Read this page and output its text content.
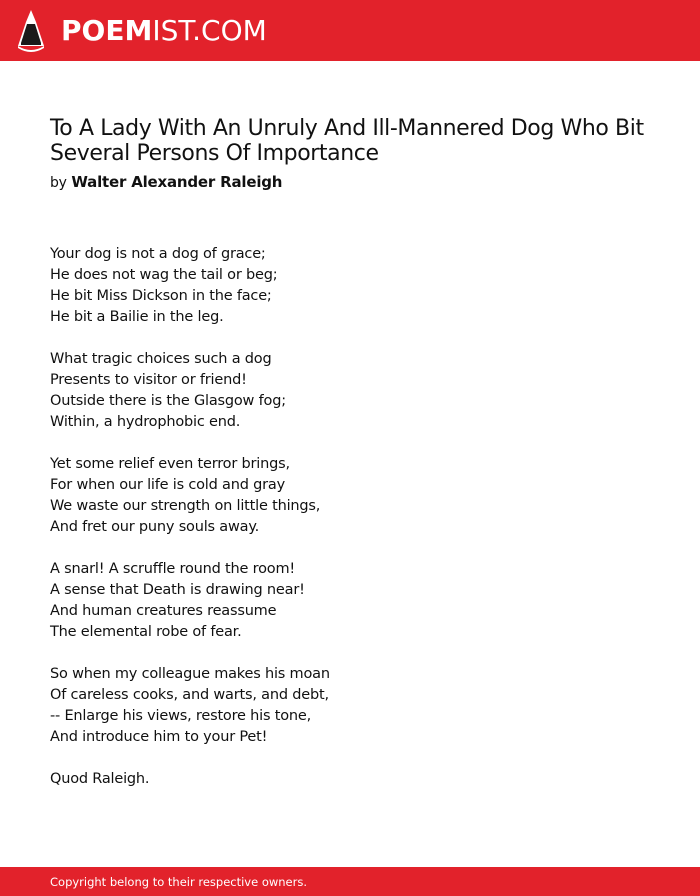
POEMIST.COM
To A Lady With An Unruly And Ill-Mannered Dog Who Bit Several Persons Of Importance
by Walter Alexander Raleigh
Your dog is not a dog of grace;
He does not wag the tail or beg;
He bit Miss Dickson in the face;
He bit a Bailie in the leg.
What tragic choices such a dog
Presents to visitor or friend!
Outside there is the Glasgow fog;
Within, a hydrophobic end.
Yet some relief even terror brings,
For when our life is cold and gray
We waste our strength on little things,
And fret our puny souls away.
A snarl! A scruffle round the room!
A sense that Death is drawing near!
And human creatures reassume
The elemental robe of fear.
So when my colleague makes his moan
Of careless cooks, and warts, and debt,
-- Enlarge his views, restore his tone,
And introduce him to your Pet!
Quod Raleigh.
Copyright belong to their respective owners.
